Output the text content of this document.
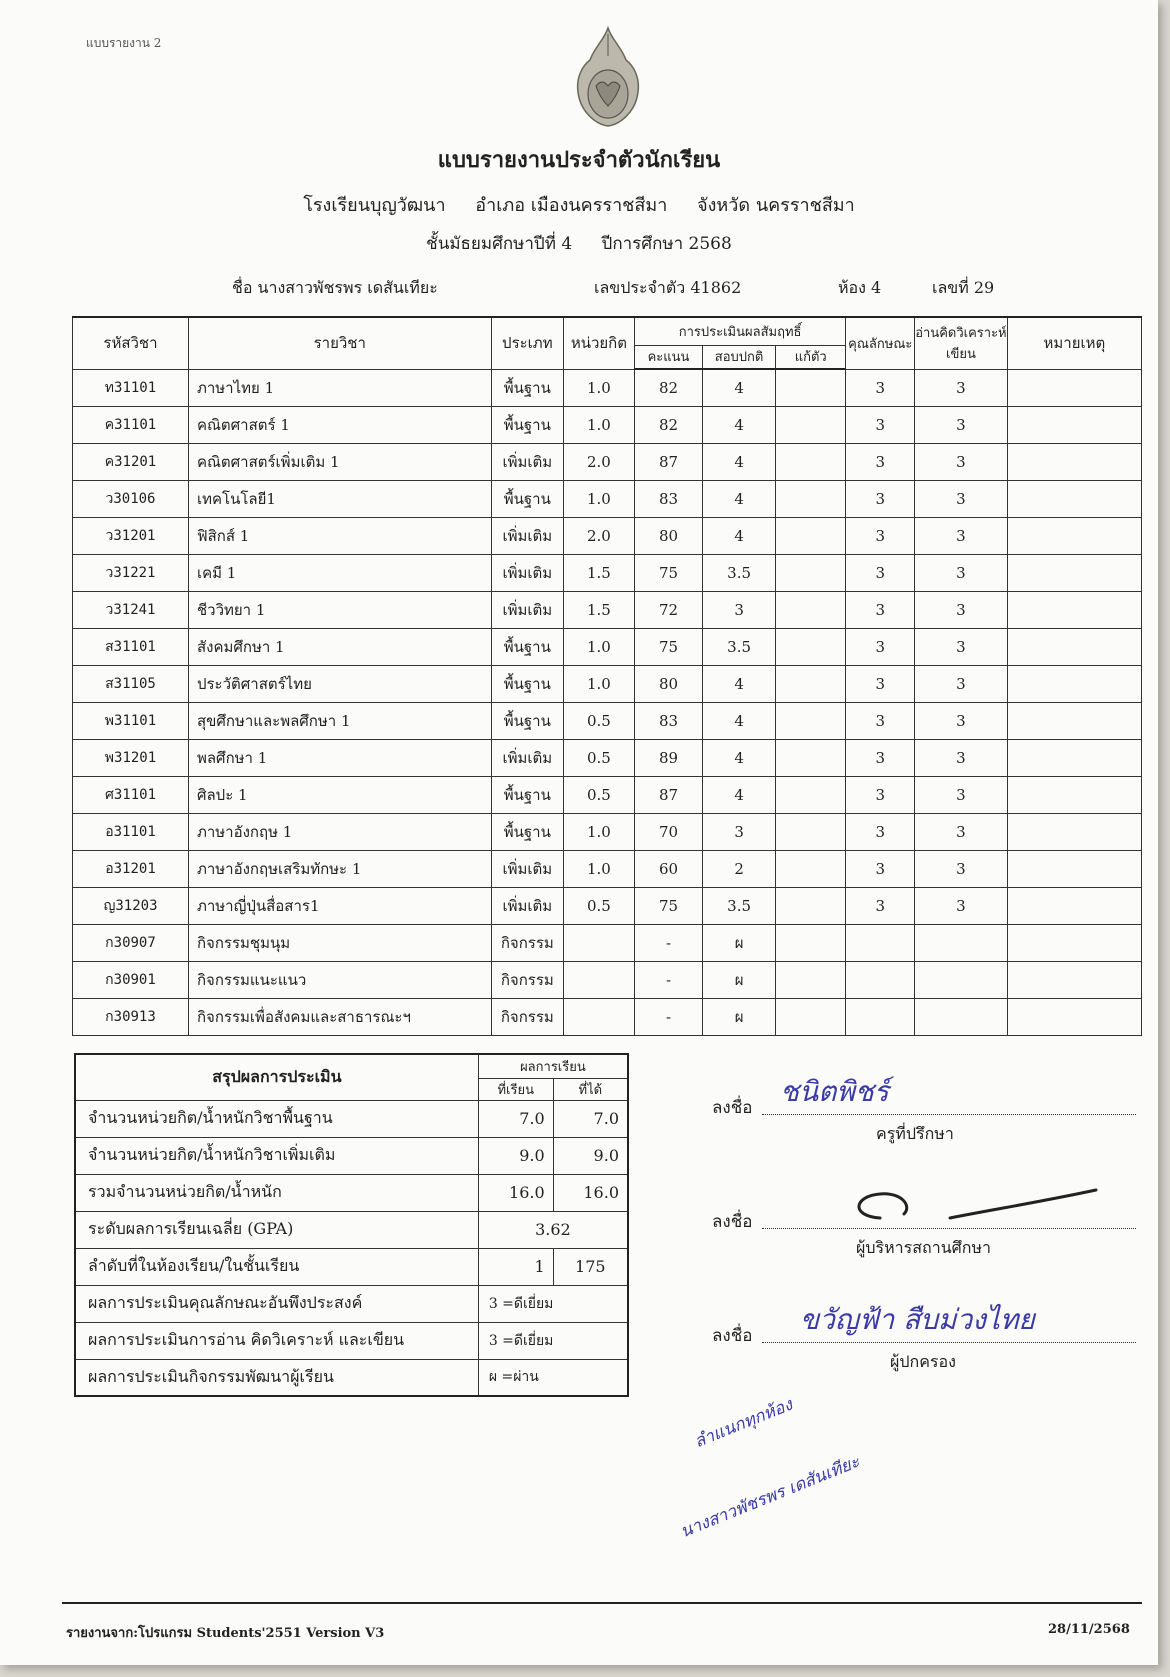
แบบรายงาน 2
แบบรายงานประจำตัวนักเรียน
โรงเรียนบุญวัฒนา อำเภอ เมืองนครราชสีมา จังหวัด นครราชสีมา
ชั้นมัธยมศึกษาปีที่ 4 ปีการศึกษา 2568
ชื่อ นางสาวพัชรพร เดสันเทียะ	เลขประจำตัว 41862	ห้อง 4	เลขที่ 29
รหัสวิชา	รายวิชา	ประเภท	หน่วยกิต	การประเมินผลสัมฤทธิ์			คุณลักษณะ	อ่านคิดวิเคราะห์เขียน	หมายเหตุ
				คะแนน	สอบปกติ	แก้ตัว			
ท31101	ภาษาไทย 1	พื้นฐาน	1.0	82	4		3	3	
ค31101	คณิตศาสตร์ 1	พื้นฐาน	1.0	82	4		3	3	
ค31201	คณิตศาสตร์เพิ่มเติม 1	เพิ่มเติม	2.0	87	4		3	3	
ว30106	เทคโนโลยี1	พื้นฐาน	1.0	83	4		3	3	
ว31201	ฟิสิกส์ 1	เพิ่มเติม	2.0	80	4		3	3	
ว31221	เคมี 1	เพิ่มเติม	1.5	75	3.5		3	3	
ว31241	ชีววิทยา 1	เพิ่มเติม	1.5	72	3		3	3	
ส31101	สังคมศึกษา 1	พื้นฐาน	1.0	75	3.5		3	3	
ส31105	ประวัติศาสตร์ไทย	พื้นฐาน	1.0	80	4		3	3	
พ31101	สุขศึกษาและพลศึกษา 1	พื้นฐาน	0.5	83	4		3	3	
พ31201	พลศึกษา 1	เพิ่มเติม	0.5	89	4		3	3	
ศ31101	ศิลปะ 1	พื้นฐาน	0.5	87	4		3	3	
อ31101	ภาษาอังกฤษ 1	พื้นฐาน	1.0	70	3		3	3	
อ31201	ภาษาอังกฤษเสริมทักษะ 1	เพิ่มเติม	1.0	60	2		3	3	
ญ31203	ภาษาญี่ปุ่นสื่อสาร1	เพิ่มเติม	0.5	75	3.5		3	3	
ก30907	กิจกรรมชุมนุม	กิจกรรม		-	ผ				
ก30901	กิจกรรมแนะแนว	กิจกรรม		-	ผ				
ก30913	กิจกรรมเพื่อสังคมและสาธารณะฯ	กิจกรรม		-	ผ				
สรุปผลการประเมิน	ผลการเรียน	
	ที่เรียน	ที่ได้
จำนวนหน่วยกิต/น้ำหนักวิชาพื้นฐาน	7.0	7.0
จำนวนหน่วยกิต/น้ำหนักวิชาเพิ่มเติม	9.0	9.0
รวมจำนวนหน่วยกิต/น้ำหนัก	16.0	16.0
ระดับผลการเรียนเฉลี่ย (GPA)	3.62	
ลำดับที่ในห้องเรียน/ในชั้นเรียน	1	175
ผลการประเมินคุณลักษณะอันพึงประสงค์	3 =ดีเยี่ยม	
ผลการประเมินการอ่าน คิดวิเคราะห์ และเขียน	3 =ดีเยี่ยม	
ผลการประเมินกิจกรรมพัฒนาผู้เรียน	ผ =ผ่าน	
ลงชื่อ ชนิตพิชร์
ครูที่ปรึกษา
ลงชื่อ
ผู้บริหารสถานศึกษา
ลงชื่อ ขวัญฟ้า สืบม่วงไทย
ผู้ปกครอง
ลำแนกทุกห้อง
นางสาวพัชรพร เดสันเทียะ
รายงานจาก:โปรแกรม Students'2551 Version V3	28/11/2568
